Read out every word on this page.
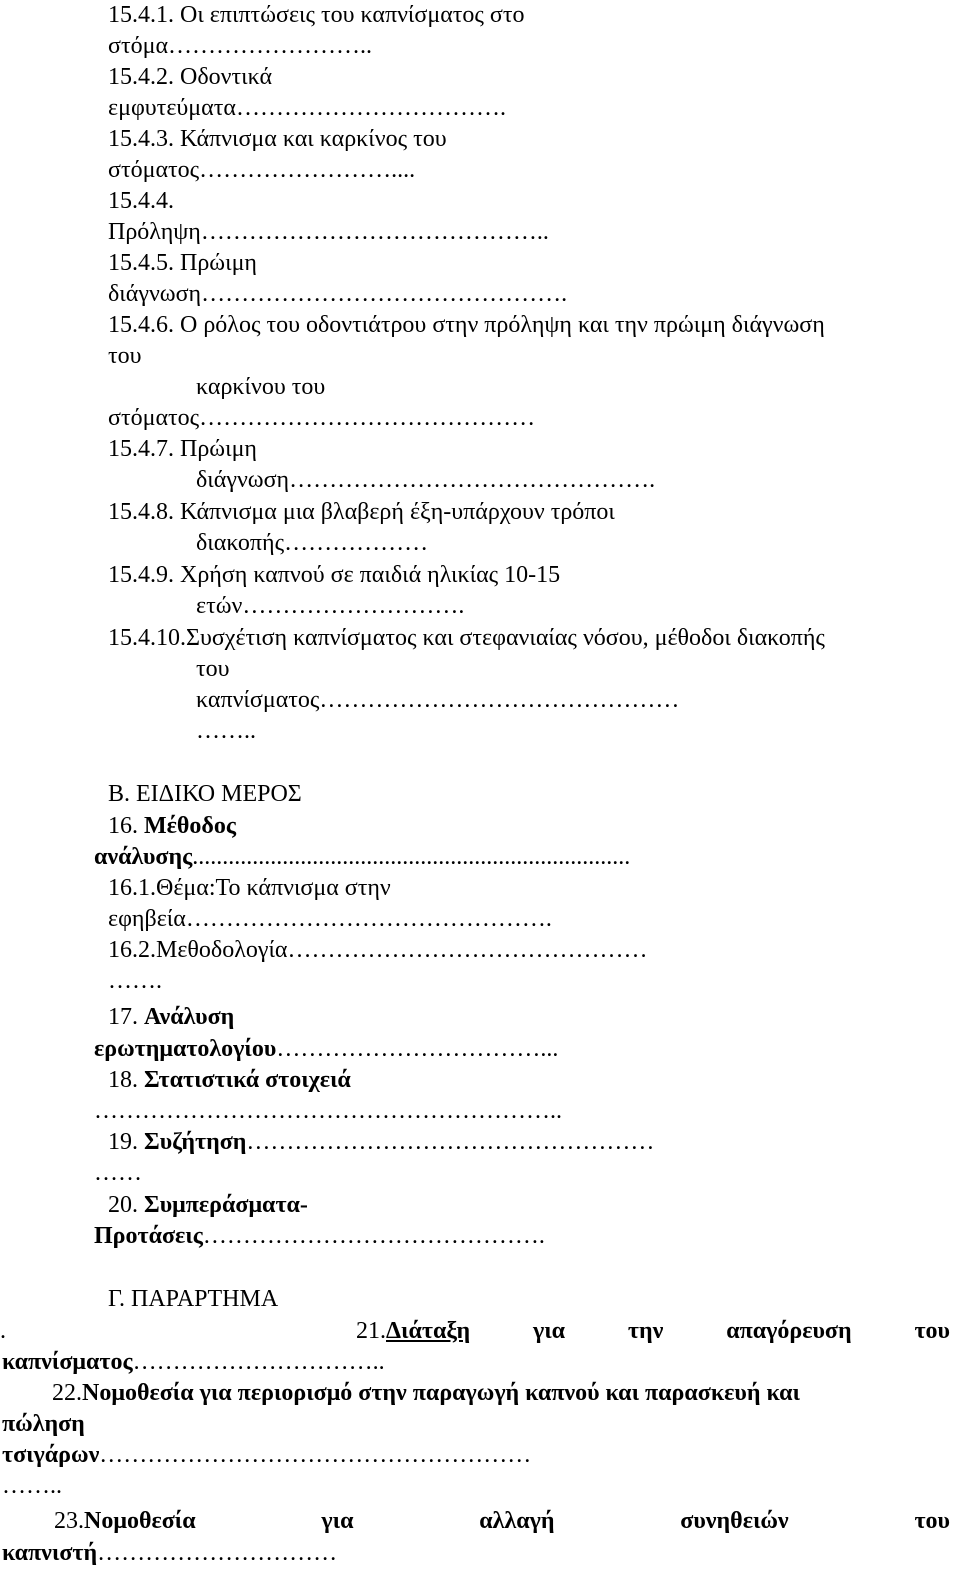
15.4.1. Οι επιπτώσεις του καπνίσματος στο
στόμα……………………..
15.4.2. Οδοντικά
εμφυτεύματα…………………………….
15.4.3. Κάπνισμα και καρκίνος του
στόματος……………………....
15.4.4.
Πρόληψη……………………………………..
15.4.5. Πρώιμη
διάγνωση……………………………………….
15.4.6. Ο ρόλος του οδοντιάτρου στην πρόληψη και την πρώιμη διάγνωση
του
καρκίνου του
στόματος……………………………………
15.4.7. Πρώιμη
διάγνωση……………………………………….
15.4.8. Κάπνισμα μια βλαβερή έξη-υπάρχουν τρόποι
διακοπής………………
15.4.9. Χρήση καπνού σε παιδιά ηλικίας 10-15
ετών……………………….
15.4.10.Συσχέτιση καπνίσματος και στεφανιαίας νόσου, μέθοδοι διακοπής
του
καπνίσματος………………………………………
……..
Β. ΕΙΔΙΚΟ ΜΕΡΟΣ
16. Μέθοδος
ανάλυσης.........................................................................
16.1.Θέμα:Το κάπνισμα στην
εφηβεία……………………………………….
16.2.Μεθοδολογία………………………………………
…….
17. Ανάλυση
ερωτηματολογίου……………………………...
18. Στατιστικά στοιχειά
…………………………………………………..
19. Συζήτηση……………………………………………
……
20. Συμπεράσματα-
Προτάσεις…………………………………….
Γ. ΠΑΡΑΡΤΗΜΑ
.	21.Διάταξη	για	την	απαγόρευση	του
καπνίσματος…………………………..
22.Νομοθεσία για περιορισμό στην παραγωγή καπνού και παρασκευή και
πώληση
τσιγάρων………………………………………………
……..
23.Νομοθεσία	για	αλλαγή	συνηθειών	του
καπνιστή…………………………
